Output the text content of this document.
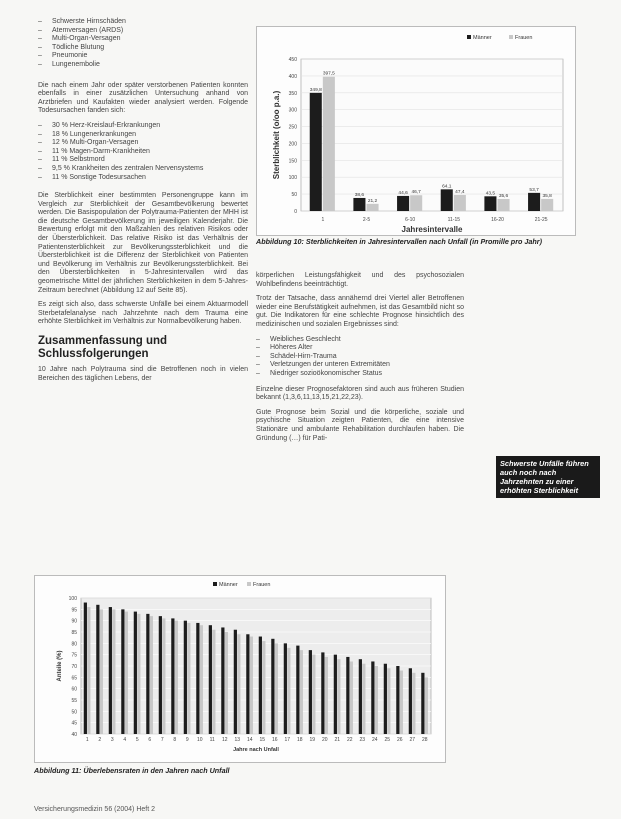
– Schwerste Hirnschäden
– Atemversagen (ARDS)
– Multi-Organ-Versagen
– Tödliche Blutung
– Pneumonie
– Lungenembolie

Die nach einem Jahr oder später verstorbenen Patienten konnten ebenfalls in einer zusätzlichen Untersuchung anhand von Arztbriefen und Kaufakten wieder analysiert werden. Folgende Todesursachen fanden sich:

– 30 % Herz-Kreislauf-Erkrankungen
– 18 % Lungenerkrankungen
– 12 % Multi-Organ-Versagen
– 11 % Magen-Darm-Krankheiten
– 11 % Selbstmord
– 9,5 % Krankheiten des zentralen Nervensystems
– 11 % Sonstige Todesursachen

Die Sterblichkeit einer bestimmten Personengruppe kann im Vergleich zur Sterblichkeit der Gesamtbevölkerung bewertet werden. Die Basispopulation der Polytrauma-Patienten der MHH ist die deutsche Gesamtbevölkerung im jeweiligen Kalenderjahr. Die Bewertung erfolgt mit den Maßzahlen des relativen Risikos oder der Übersterblichkeit. Das relative Risiko ist das Verhältnis der Patientensterblichkeit zur Bevölkerungssterblichkeit und die Übersterblichkeit ist die Differenz der Sterblichkeit von Patienten und Bevölkerung im Verhältnis zur Bevölkerungssterblichkeit. Bei den Übersterblichkeiten in 5-Jahresintervallen wird das geometrische Mittel der jährlichen Sterblichkeiten in dem 5-Jahres-Zeitraum berechnet (Abbildung 12 auf Seite 85).

Es zeigt sich also, dass schwerste Unfälle bei einem Aktuarmodell Sterbetafelanalyse nach Jahrzehnte nach dem Trauma eine erhöhte Sterblichkeit im Verhältnis zur Normalbevölkerung haben.

Zusammenfassung und Schlussfolgerungen

10 Jahre nach Polytrauma sind die Betroffenen noch in vielen Bereichen des täglichen Lebens, der

0
50
100
150
200
250
300
350
400
450
349,8
397,5
1
38,6
21,2
2-5
44,6 46,7
6-10
64,1
47,4
11-15
43,5
35,6
16-20
53,7
35,8
21-25
Jahresintervalle
Sterblichkeit (o/oo p.a.)
Männer	Frauen
Abbildung 10: Sterblichkeiten in Jahresintervallen nach Unfall (in Promille pro Jahr)

körperlichen Leistungsfähigkeit und des psychosozialen Wohlbefindens beeinträchtigt.

Trotz der Tatsache, dass annähernd drei Viertel aller Betroffenen wieder eine Berufstätigkeit aufnehmen, ist das Gesamtbild nicht so gut. Die Indikatoren für eine schlechte Prognose hinsichtlich des medizinischen und sozialen Ergebnisses sind:

– Weibliches Geschlecht
– Höheres Alter
– Schädel-Hirn-Trauma
– Verletzungen der unteren Extremitäten
– Niedriger sozioökonomischer Status

Einzelne dieser Prognosefaktoren sind auch aus früheren Studien bekannt (1,3,6,11,13,15,21,22,23).

Gute Prognose beim Sozial und die körperliche, soziale und psychische Situation zeigten Patienten, die eine intensive Stationäre und ambulante Rehabilitation durchlaufen haben. Die Gründung (…) für Pati-

Schwerste Unfälle führen auch noch nach Jahrzehnten zu einer erhöhten Sterblichkeit
40
45
50
55
60
65
70
75
80
85
90
95
100
1 2 3 4 5 6 7 8 9 10 11 12 13 14 15 16 17 18 19 20 21 22 23 24 25 26 27 28
Jahre nach Unfall
Anteile (%)
Männer	Frauen
Abbildung 11: Überlebensraten in den Jahren nach Unfall
Versicherungsmedizin 56 (2004) Heft 2
